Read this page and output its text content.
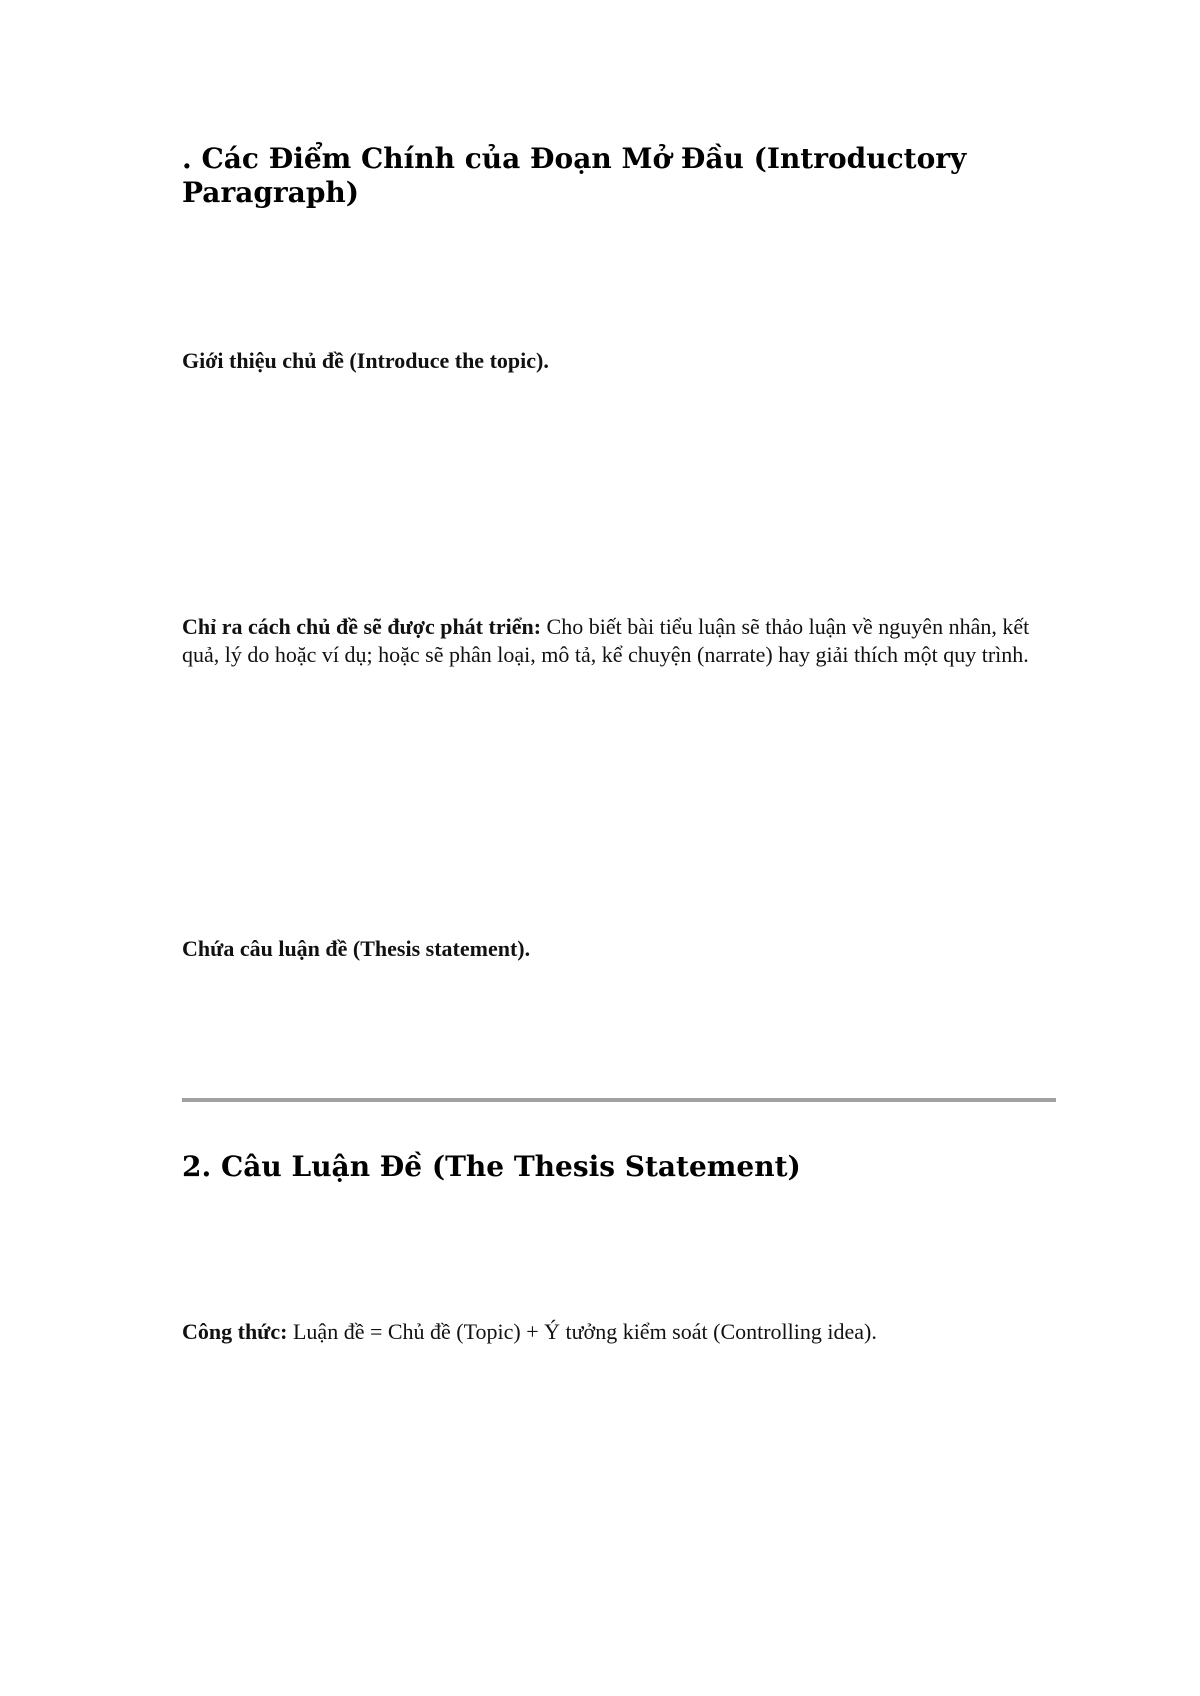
. Các Điểm Chính của Đoạn Mở Đầu (Introductory Paragraph)

Giới thiệu chủ đề (Introduce the topic).

Chỉ ra cách chủ đề sẽ được phát triển: Cho biết bài tiểu luận sẽ thảo luận về nguyên nhân, kết quả, lý do hoặc ví dụ; hoặc sẽ phân loại, mô tả, kể chuyện (narrate) hay giải thích một quy trình.

Chứa câu luận đề (Thesis statement).

2. Câu Luận Đề (The Thesis Statement)

Công thức: Luận đề = Chủ đề (Topic) + Ý tưởng kiểm soát (Controlling idea).
